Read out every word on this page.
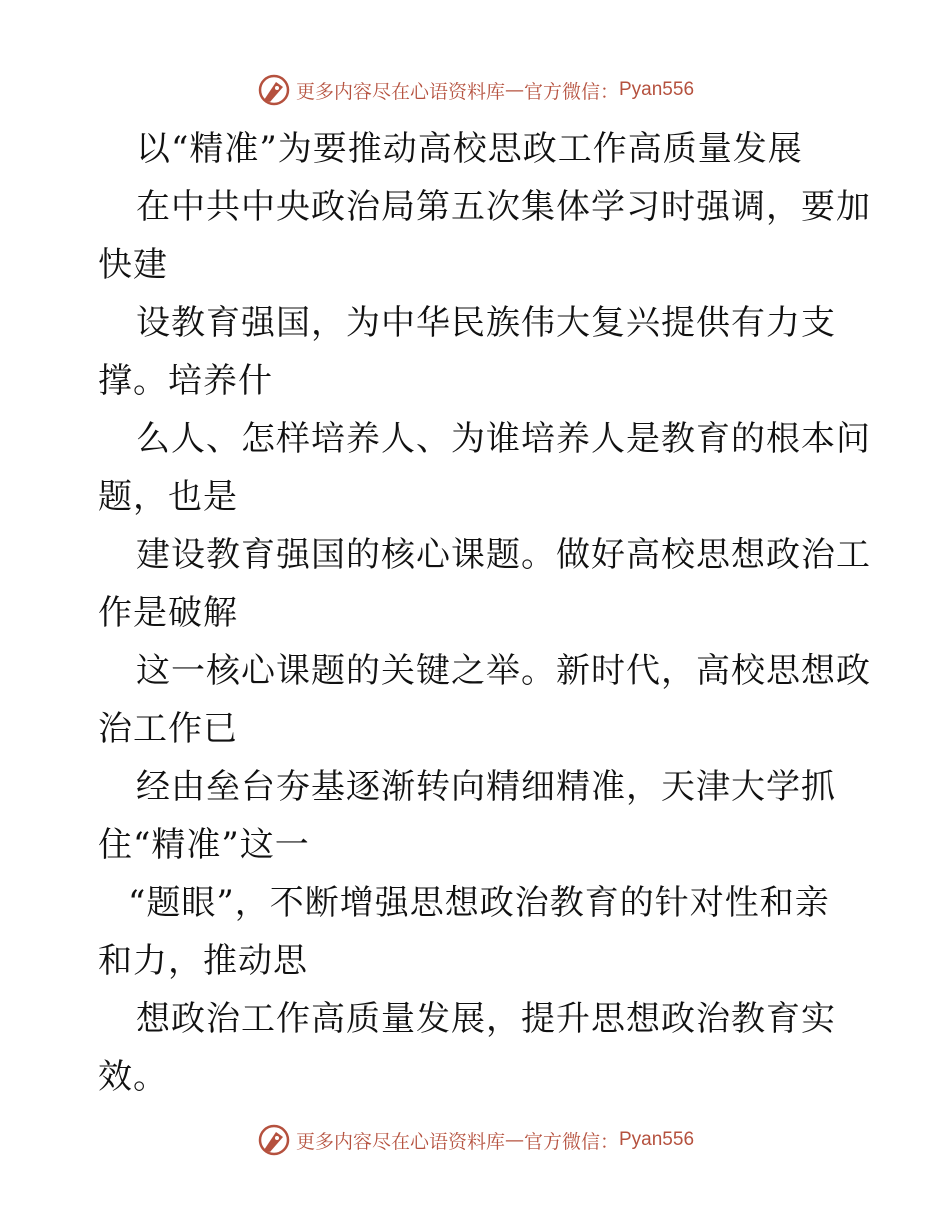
更多内容尽在心语资料库 — 官方微信： Pyan556
以“精准”为要推动高校思政工作高质量发展
在中共中央政治局第五次集体学习时强调，要加
快建
设教育强国，为中华民族伟大复兴提供有力支
撑。培养什
么人、怎样培养人、为谁培养人是教育的根本问
题，也是
建设教育强国的核心课题。做好高校思想政治工
作是破解
这一核心课题的关键之举。新时代，高校思想政
治工作已
经由垒台夯基逐渐转向精细精准，天津大学抓
住“精准”这一
“题眼”，不断增强思想政治教育的针对性和亲
和力，推动思
想政治工作高质量发展，提升思想政治教育实
效。
更多内容尽在心语资料库 — 官方微信： Pyan556
